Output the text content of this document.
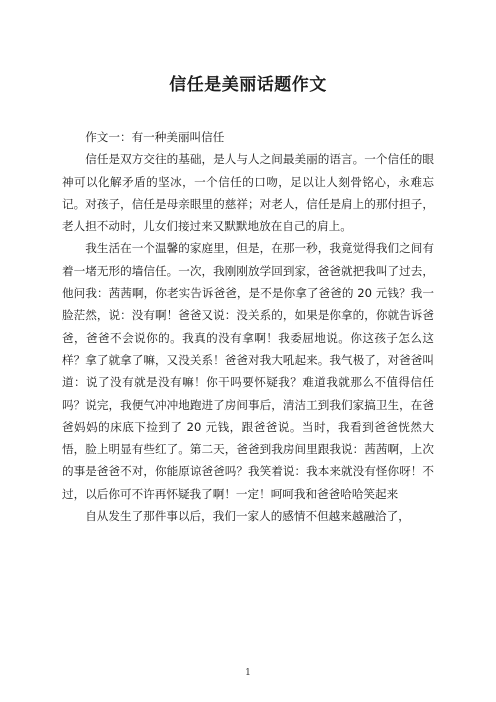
信任是美丽话题作文

作文一：有一种美丽叫信任

信任是双方交往的基础，是人与人之间最美丽的语言。一个信任的眼神可以化解矛盾的坚冰，一个信任的口吻，足以让人刻骨铭心，永难忘记。对孩子，信任是母亲眼里的慈祥；对老人，信任是肩上的那付担子，老人担不动时，儿女们接过来又默默地放在自己的肩上。

我生活在一个温馨的家庭里，但是，在那一秒，我竟觉得我们之间有着一堵无形的墙信任。一次，我刚刚放学回到家，爸爸就把我叫了过去，他问我：茜茜啊，你老实告诉爸爸，是不是你拿了爸爸的 20 元钱？我一脸茫然，说：没有啊！爸爸又说：没关系的，如果是你拿的，你就告诉爸爸，爸爸不会说你的。我真的没有拿啊！我委屈地说。你这孩子怎么这样？拿了就拿了嘛，又没关系！爸爸对我大吼起来。我气极了，对爸爸叫道：说了没有就是没有嘛！你干吗要怀疑我？难道我就那么不值得信任吗？说完，我便气冲冲地跑进了房间事后，清洁工到我们家搞卫生，在爸爸妈妈的床底下捡到了 20 元钱，跟爸爸说。当时，我看到爸爸恍然大悟，脸上明显有些红了。第二天，爸爸到我房间里跟我说：茜茜啊，上次的事是爸爸不对，你能原谅爸爸吗？我笑着说：我本来就没有怪你呀！不过，以后你可不许再怀疑我了啊！一定！呵呵我和爸爸哈哈笑起来

自从发生了那件事以后，我们一家人的感情不但越来越融洽了，

1
